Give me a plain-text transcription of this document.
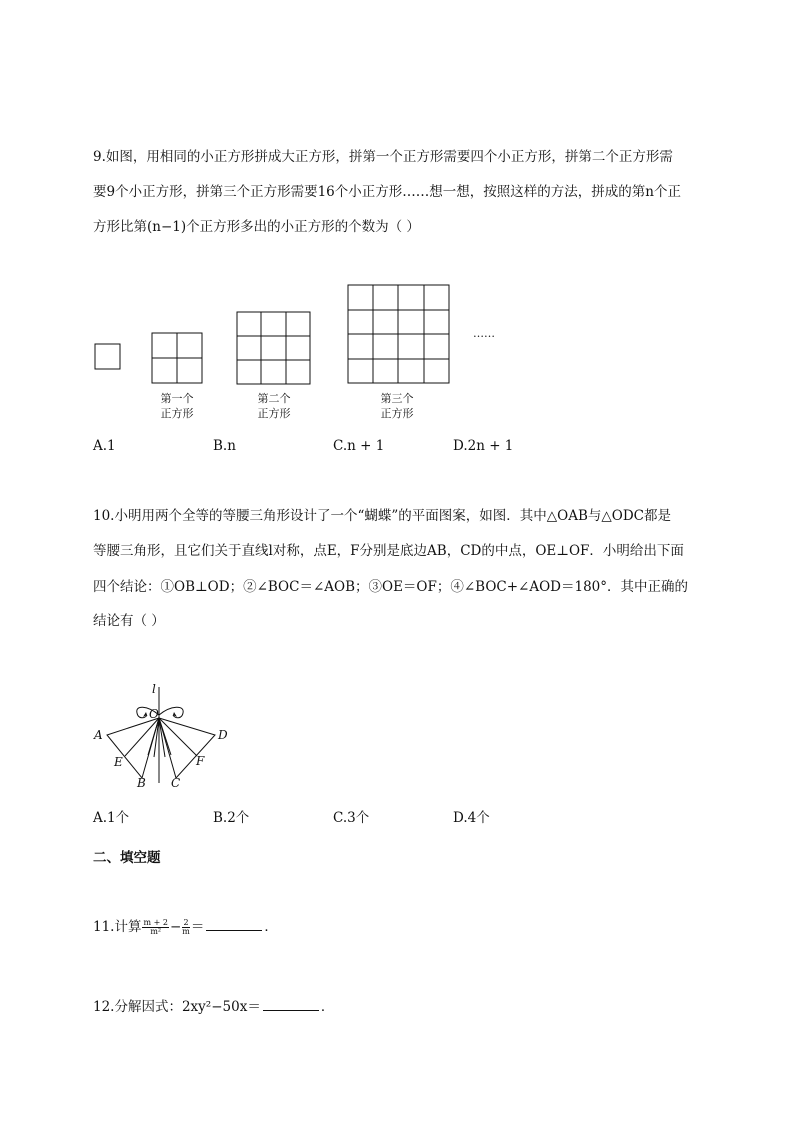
9.如图，用相同的小正方形拼成大正方形，拼第一个正方形需要四个小正方形，拼第二个正方形需
要9个小正方形，拼第三个正方形需要16个小正方形……想一想，按照这样的方法，拼成的第n个正
方形比第(n−1)个正方形多出的小正方形的个数为（ ）
第一个
正方形
第二个
正方形
第三个
正方形
……
A.1	B.n	C.n + 1	D.2n + 1
10.小明用两个全等的等腰三角形设计了一个“蝴蝶”的平面图案，如图．其中△OAB与△ODC都是
等腰三角形，且它们关于直线l对称，点E，F分别是底边AB，CD的中点，OE⊥OF．小明给出下面
四个结论：①OB⊥OD；②∠BOC＝∠AOB；③OE＝OF；④∠BOC+∠AOD＝180°．其中正确的
结论有（ ）
l
O
A
E
B C
F
D
A.1个	B.2个	C.3个	D.4个
二、填空题
11.计算 $\frac{m + 2}{\text{m²}} - \frac{2}{m}$ ＝	．
12.分解因式：2xy²−50x＝	．
